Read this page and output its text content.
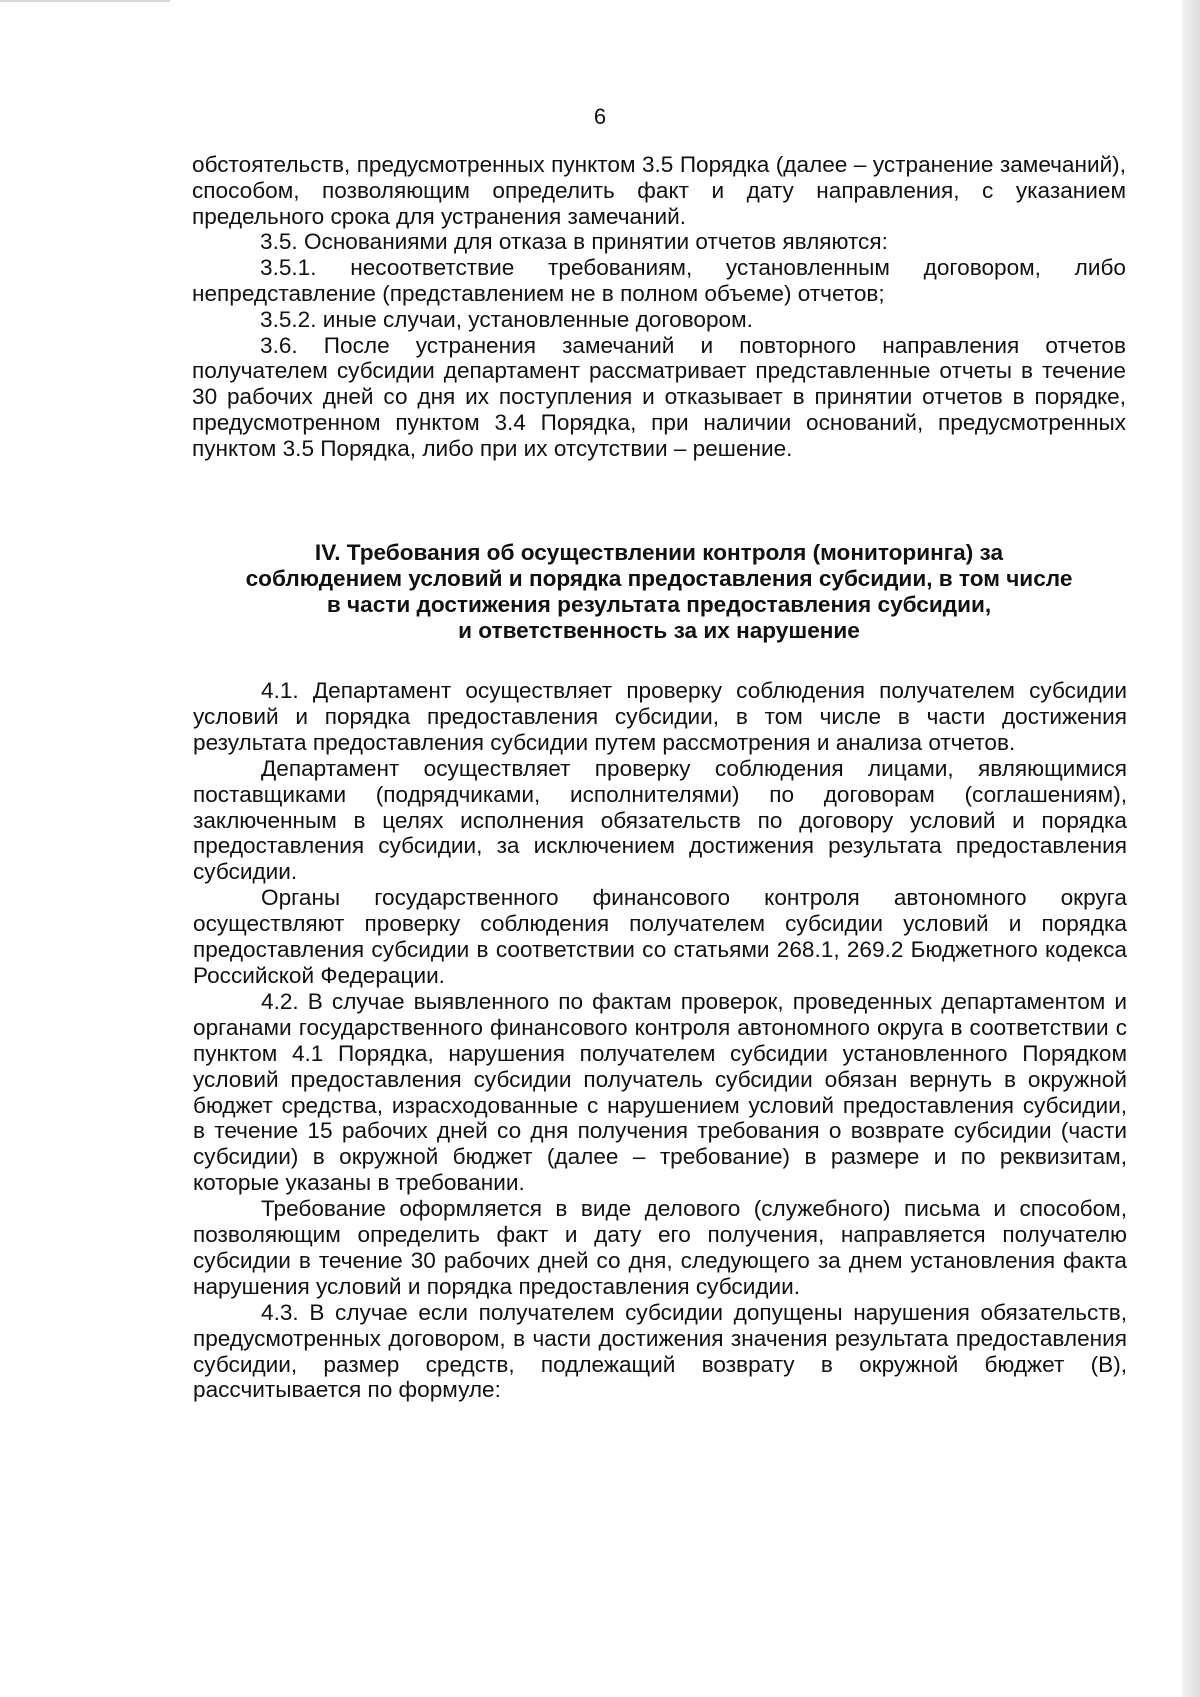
6

обстоятельств, предусмотренных пунктом 3.5 Порядка (далее – устранение замечаний), способом, позволяющим определить факт и дату направления, с указанием предельного срока для устранения замечаний.

3.5. Основаниями для отказа в принятии отчетов являются:

3.5.1. несоответствие требованиям, установленным договором, либо непредставление (представлением не в полном объеме) отчетов;

3.5.2. иные случаи, установленные договором.

3.6. После устранения замечаний и повторного направления отчетов получателем субсидии департамент рассматривает представленные отчеты в течение 30 рабочих дней со дня их поступления и отказывает в принятии отчетов в порядке, предусмотренном пунктом 3.4 Порядка, при наличии оснований, предусмотренных пунктом 3.5 Порядка, либо при их отсутствии – решение.

IV. Требования об осуществлении контроля (мониторинга) за
соблюдением условий и порядка предоставления субсидии, в том числе
в части достижения результата предоставления субсидии,
и ответственность за их нарушение

4.1. Департамент осуществляет проверку соблюдения получателем субсидии условий и порядка предоставления субсидии, в том числе в части достижения результата предоставления субсидии путем рассмотрения и анализа отчетов.

Департамент осуществляет проверку соблюдения лицами, являющимися поставщиками (подрядчиками, исполнителями) по договорам (соглашениям), заключенным в целях исполнения обязательств по договору условий и порядка предоставления субсидии, за исключением достижения результата предоставления субсидии.

Органы государственного финансового контроля автономного округа осуществляют проверку соблюдения получателем субсидии условий и порядка предоставления субсидии в соответствии со статьями 268.1, 269.2 Бюджетного кодекса Российской Федерации.

4.2. В случае выявленного по фактам проверок, проведенных департаментом и органами государственного финансового контроля автономного округа в соответствии с пунктом 4.1 Порядка, нарушения получателем субсидии установленного Порядком условий предоставления субсидии получатель субсидии обязан вернуть в окружной бюджет средства, израсходованные с нарушением условий предоставления субсидии, в течение 15 рабочих дней со дня получения требования о возврате субсидии (части субсидии) в окружной бюджет (далее – требование) в размере и по реквизитам, которые указаны в требовании.

Требование оформляется в виде делового (служебного) письма и способом, позволяющим определить факт и дату его получения, направляется получателю субсидии в течение 30 рабочих дней со дня, следующего за днем установления факта нарушения условий и порядка предоставления субсидии.

4.3. В случае если получателем субсидии допущены нарушения обязательств, предусмотренных договором, в части достижения значения результата предоставления субсидии, размер средств, подлежащий возврату в окружной бюджет (В), рассчитывается по формуле:
